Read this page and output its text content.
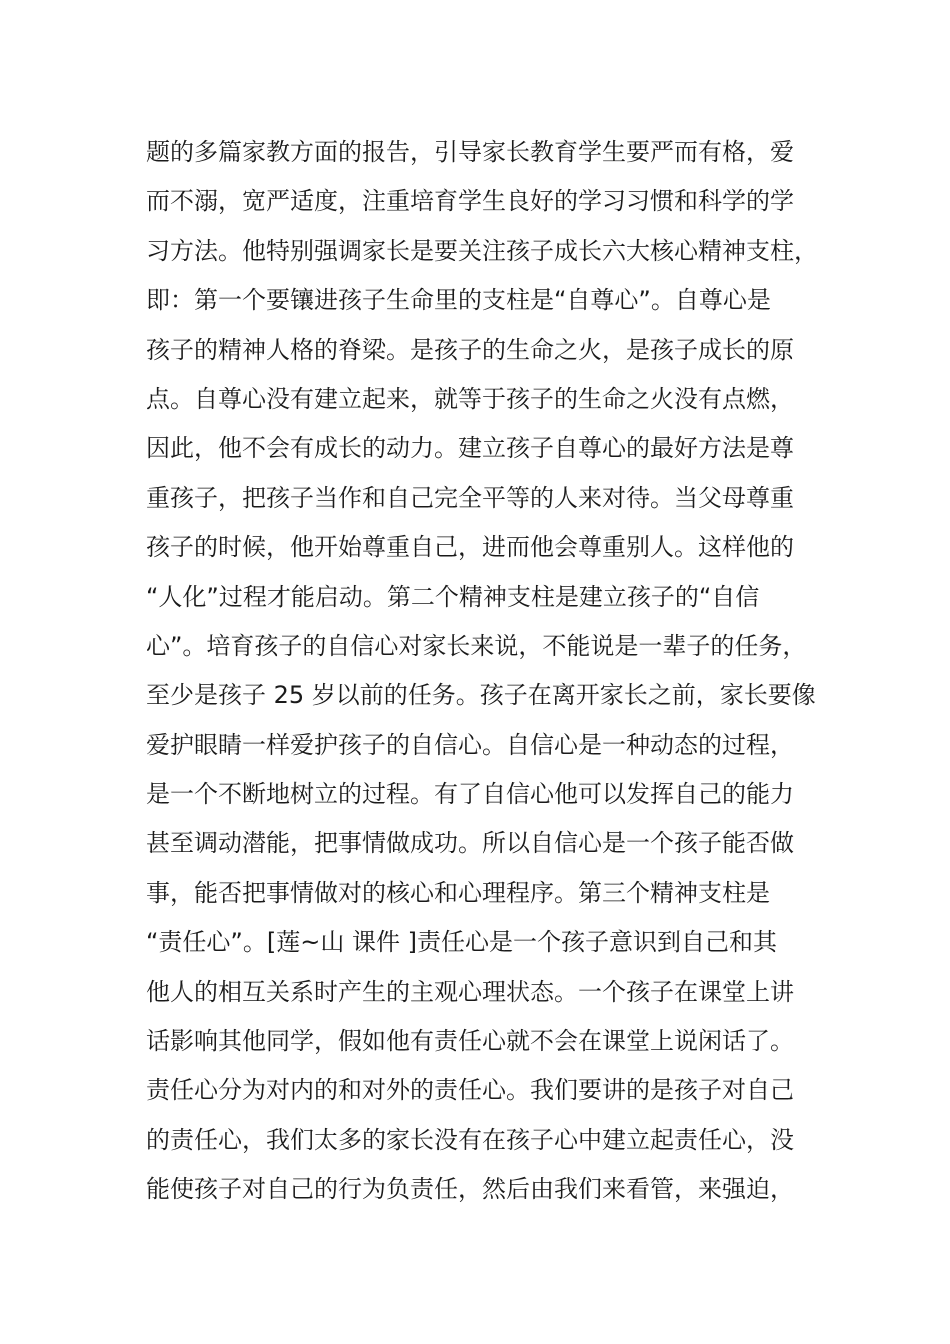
题的多篇家教方面的报告，引导家长教育学生要严而有格，爱
而不溺，宽严适度，注重培育学生良好的学习习惯和科学的学
习方法。他特别强调家长是要关注孩子成长六大核心精神支柱，
即：第一个要镶进孩子生命里的支柱是“自尊心”。自尊心是
孩子的精神人格的脊梁。是孩子的生命之火，是孩子成长的原
点。自尊心没有建立起来，就等于孩子的生命之火没有点燃，
因此，他不会有成长的动力。建立孩子自尊心的最好方法是尊
重孩子，把孩子当作和自己完全平等的人来对待。当父母尊重
孩子的时候，他开始尊重自己，进而他会尊重别人。这样他的
“人化”过程才能启动。第二个精神支柱是建立孩子的“自信
心”。培育孩子的自信心对家长来说，不能说是一辈子的任务，
至少是孩子 25 岁以前的任务。孩子在离开家长之前，家长要像
爱护眼睛一样爱护孩子的自信心。自信心是一种动态的过程，
是一个不断地树立的过程。有了自信心他可以发挥自己的能力
甚至调动潜能，把事情做成功。所以自信心是一个孩子能否做
事，能否把事情做对的核心和心理程序。第三个精神支柱是
“责任心”。[莲~山 课件 ]责任心是一个孩子意识到自己和其
他人的相互关系时产生的主观心理状态。一个孩子在课堂上讲
话影响其他同学，假如他有责任心就不会在课堂上说闲话了。
责任心分为对内的和对外的责任心。我们要讲的是孩子对自己
的责任心，我们太多的家长没有在孩子心中建立起责任心，没
能使孩子对自己的行为负责任，然后由我们来看管，来强迫，
